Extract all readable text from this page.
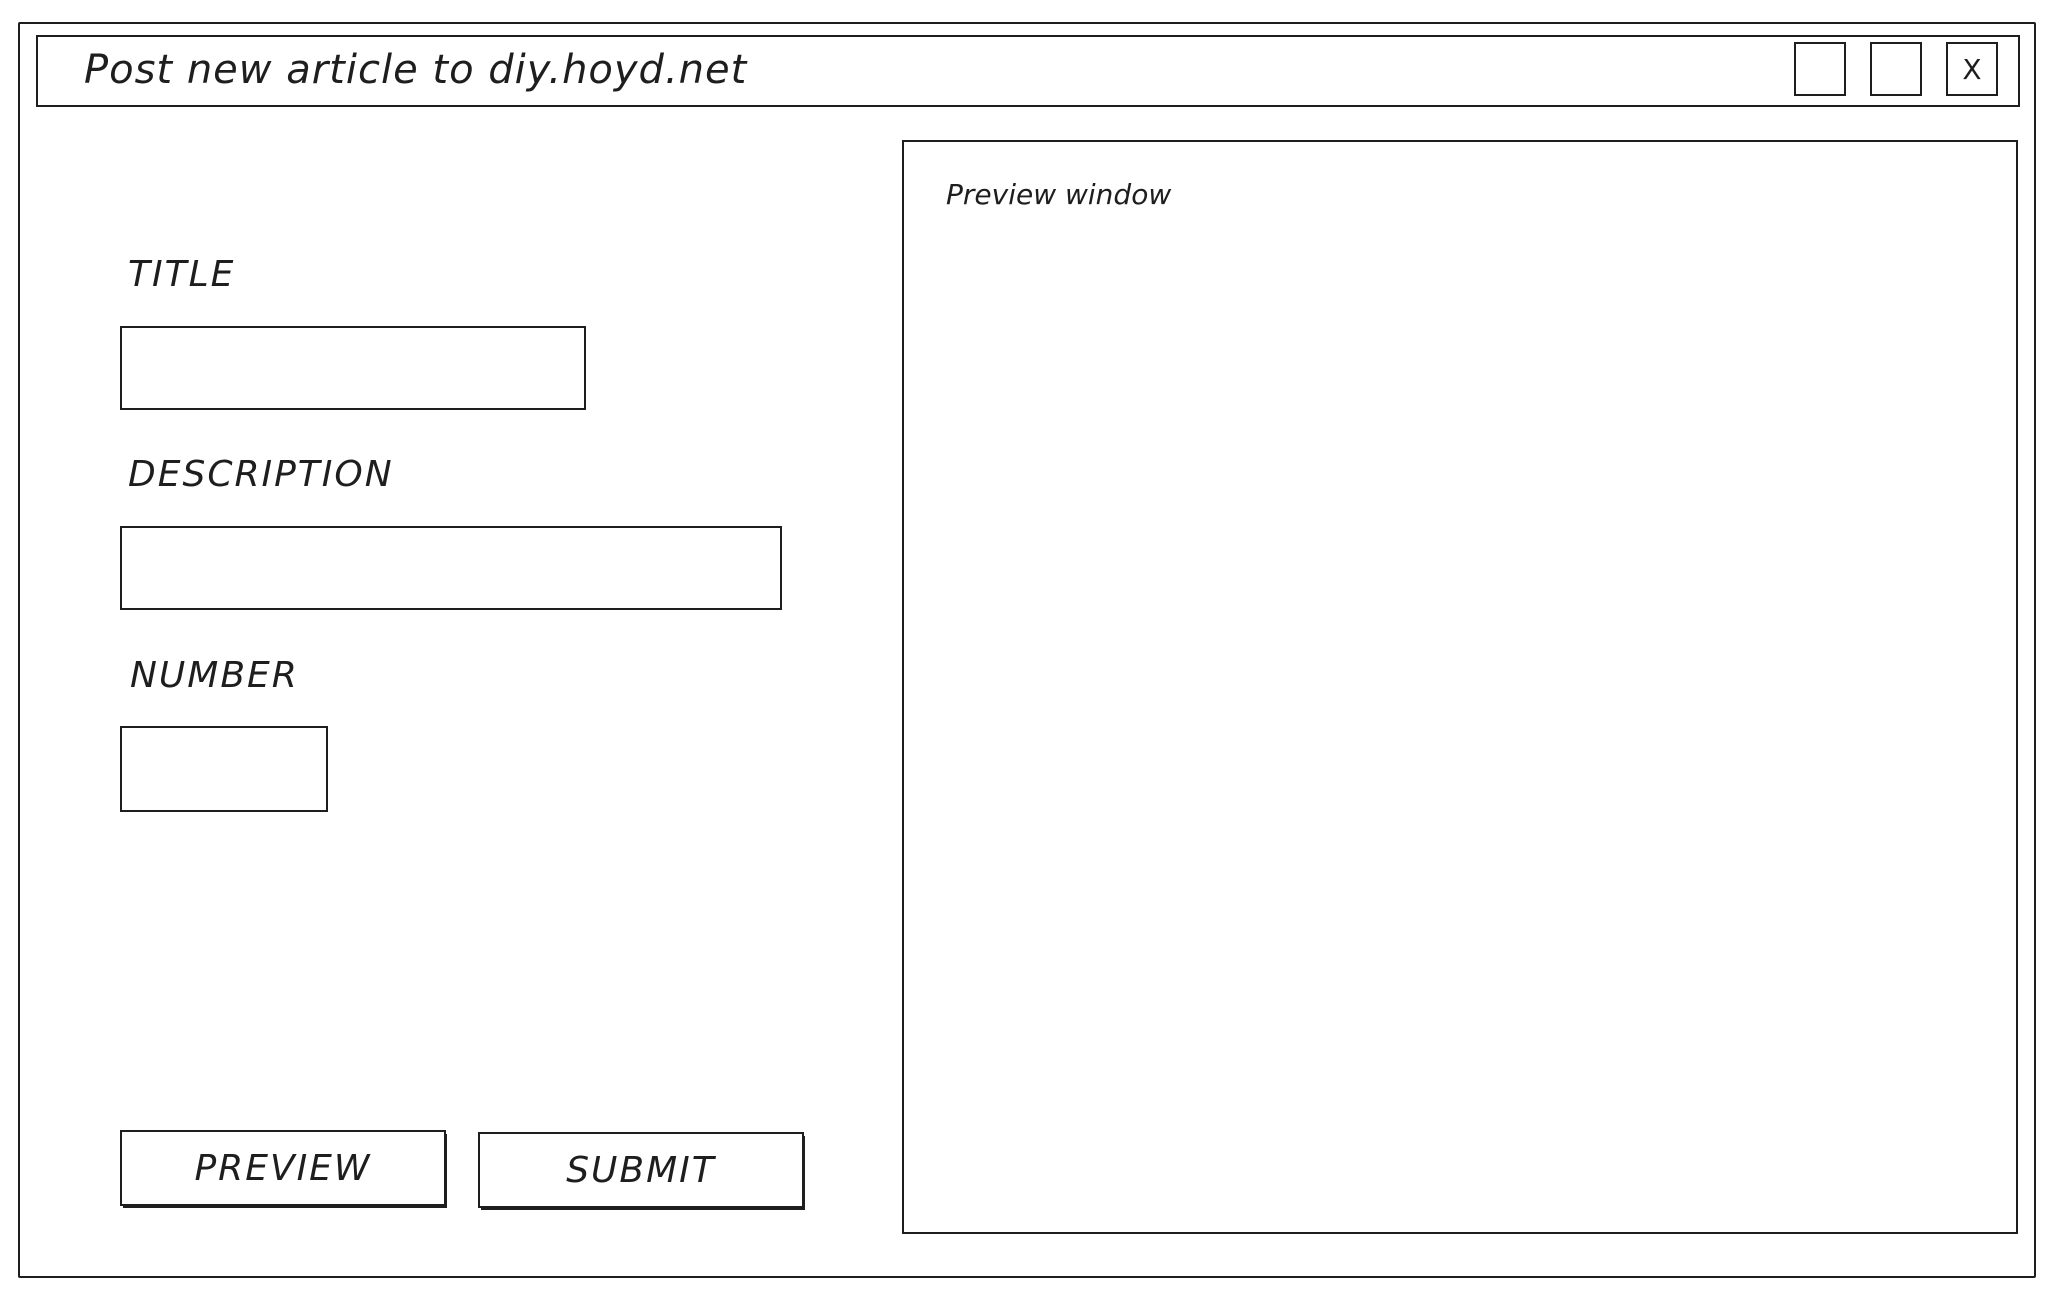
Post new article to diy.hoyd.net	X
TITLE
DESCRIPTION
NUMBER
PREVIEW	SUBMIT
Preview window
